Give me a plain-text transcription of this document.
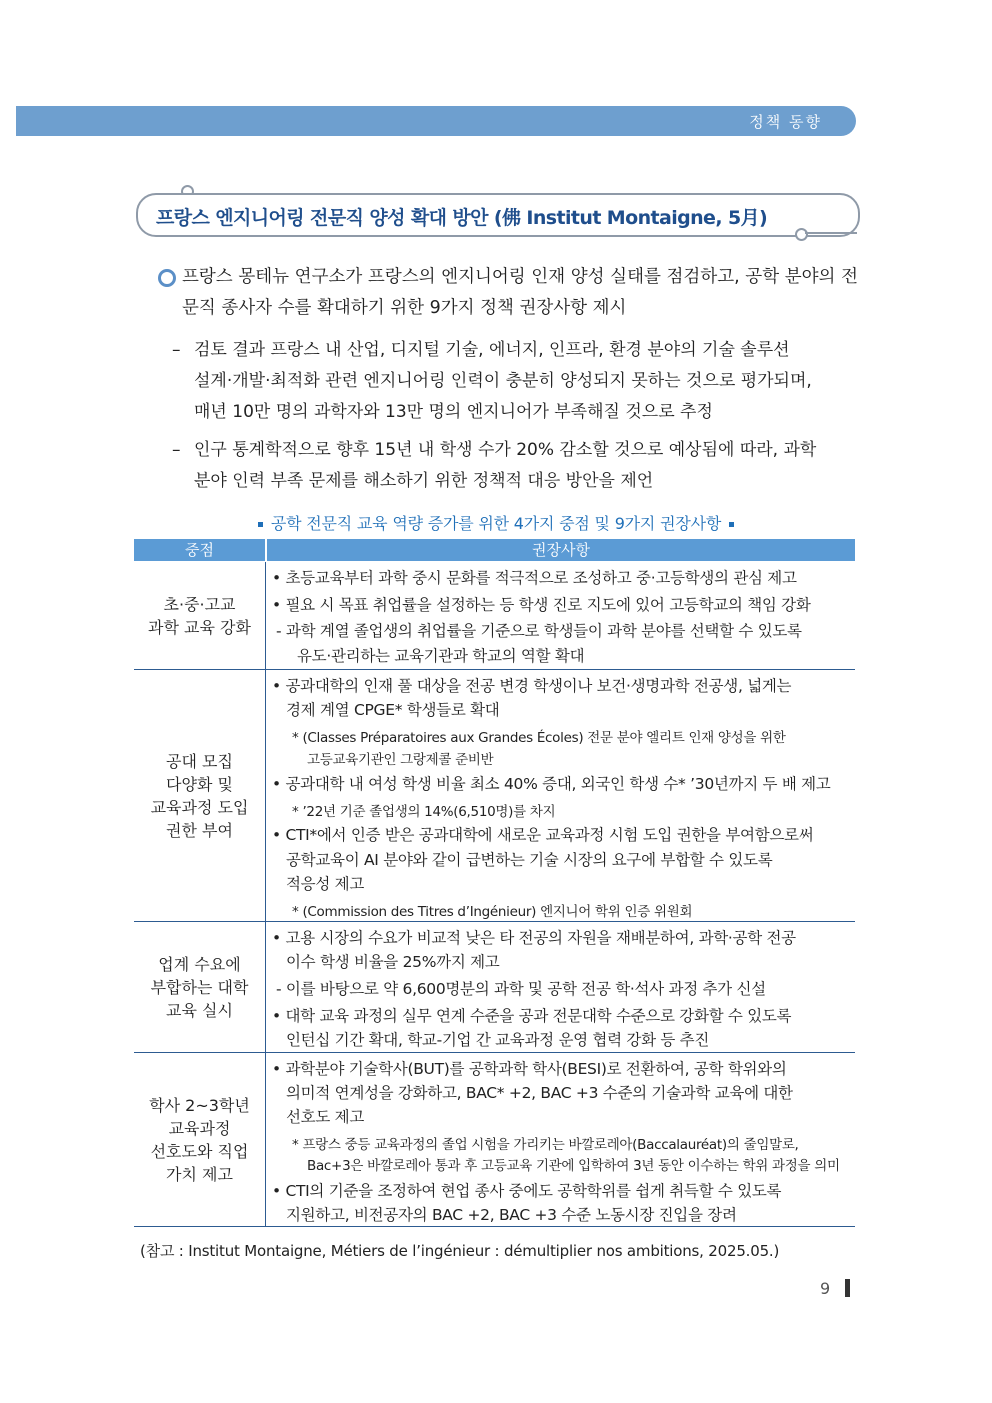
정책 동향
프랑스 엔지니어링 전문직 양성 확대 방안 (佛 Institut Montaigne, 5月)
프랑스 몽테뉴 연구소가 프랑스의 엔지니어링 인재 양성 실태를 점검하고, 공학 분야의 전문직 종사자 수를 확대하기 위한 9가지 정책 권장사항 제시
– 검토 결과 프랑스 내 산업, 디지털 기술, 에너지, 인프라, 환경 분야의 기술 솔루션
설계·개발·최적화 관련 엔지니어링 인력이 충분히 양성되지 못하는 것으로 평가되며,
매년 10만 명의 과학자와 13만 명의 엔지니어가 부족해질 것으로 추정
– 인구 통계학적으로 향후 15년 내 학생 수가 20% 감소할 것으로 예상됨에 따라, 과학
분야 인력 부족 문제를 해소하기 위한 정책적 대응 방안을 제언
공학 전문직 교육 역량 증가를 위한 4가지 중점 및 9가지 권장사항
중점	권장사항
초·중·고교
과학 교육 강화
• 초등교육부터 과학 중시 문화를 적극적으로 조성하고 중·고등학생의 관심 제고
• 필요 시 목표 취업률을 설정하는 등 학생 진로 지도에 있어 고등학교의 책임 강화
- 과학 계열 졸업생의 취업률을 기준으로 학생들이 과학 분야를 선택할 수 있도록
유도·관리하는 교육기관과 학교의 역할 확대
공대 모집
다양화 및
교육과정 도입
권한 부여
• 공과대학의 인재 풀 대상을 전공 변경 학생이나 보건·생명과학 전공생, 넓게는
경제 계열 CPGE* 학생들로 확대
* (Classes Préparatoires aux Grandes Écoles) 전문 분야 엘리트 인재 양성을 위한
고등교육기관인 그랑제콜 준비반
• 공과대학 내 여성 학생 비율 최소 40% 증대, 외국인 학생 수* ’30년까지 두 배 제고
* ’22년 기준 졸업생의 14%(6,510명)를 차지
• CTI*에서 인증 받은 공과대학에 새로운 교육과정 시험 도입 권한을 부여함으로써
공학교육이 AI 분야와 같이 급변하는 기술 시장의 요구에 부합할 수 있도록
적응성 제고
* (Commission des Titres d’Ingénieur) 엔지니어 학위 인증 위원회
업계 수요에
부합하는 대학
교육 실시
• 고용 시장의 수요가 비교적 낮은 타 전공의 자원을 재배분하여, 과학·공학 전공
이수 학생 비율을 25%까지 제고
- 이를 바탕으로 약 6,600명분의 과학 및 공학 전공 학·석사 과정 추가 신설
• 대학 교육 과정의 실무 연계 수준을 공과 전문대학 수준으로 강화할 수 있도록
인턴십 기간 확대, 학교-기업 간 교육과정 운영 협력 강화 등 추진
학사 2~3학년
교육과정
선호도와 직업
가치 제고
• 과학분야 기술학사(BUT)를 공학과학 학사(BESI)로 전환하여, 공학 학위와의
의미적 연계성을 강화하고, BAC* +2, BAC +3 수준의 기술과학 교육에 대한
선호도 제고
* 프랑스 중등 교육과정의 졸업 시험을 가리키는 바깔로레아(Baccalauréat)의 줄임말로,
Bac+3은 바깔로레아 통과 후 고등교육 기관에 입학하여 3년 동안 이수하는 학위 과정을 의미
• CTI의 기준을 조정하여 현업 종사 중에도 공학학위를 쉽게 취득할 수 있도록
지원하고, 비전공자의 BAC +2, BAC +3 수준 노동시장 진입을 장려
(참고 : Institut Montaigne, Métiers de l’ingénieur : démultiplier nos ambitions, 2025.05.)
9
